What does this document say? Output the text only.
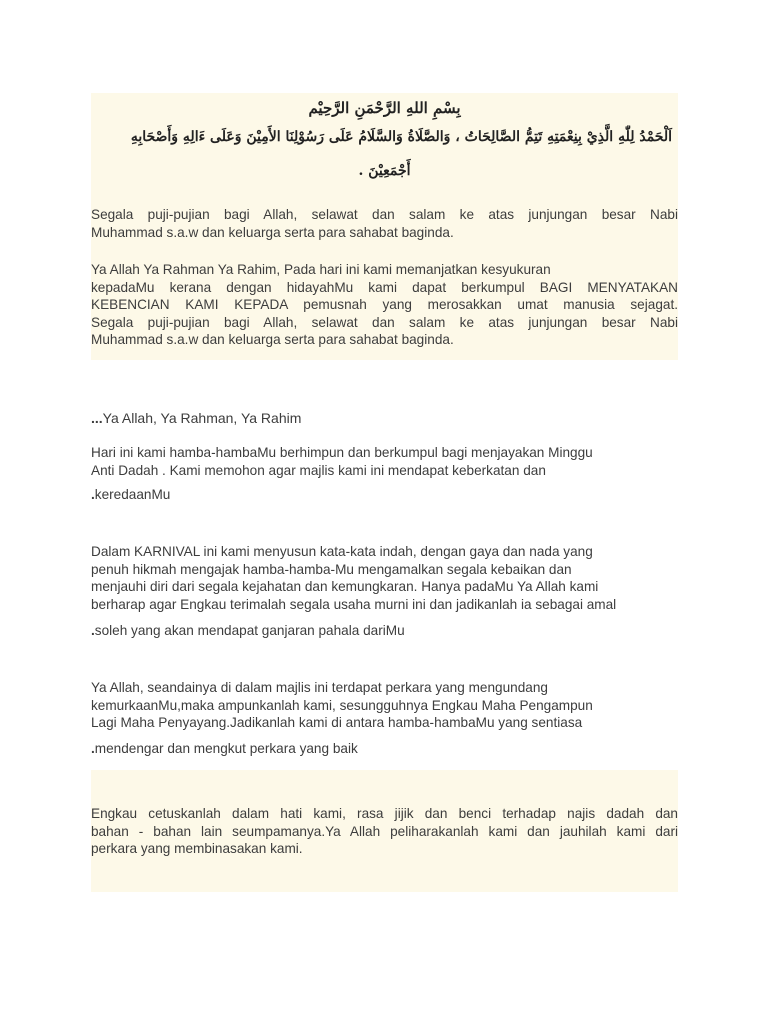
بِسْمِ اللهِ الرَّحْمَنِ الرَّحِيْم

اَلْحَمْدُ لِلّٰهِ الَّذِيْ بِنِعْمَتِهِ تَتِمُّ الصَّالِحَاتُ ، وَالصَّلَاةُ وَالسَّلَامُ عَلَى رَسُوْلِنَا الأَمِيْنَ وَعَلَى ءَالِهِ وَأَصْحَابِهِ

أَجْمَعِيْنَ .

Segala puji-pujian bagi Allah, selawat dan salam ke atas junjungan besar Nabi
Muhammad s.a.w dan keluarga serta para sahabat baginda.
Ya Allah Ya Rahman Ya Rahim, Pada hari ini kami memanjatkan kesyukuran
kepadaMu kerana dengan hidayahMu kami dapat berkumpul BAGI MENYATAKAN
KEBENCIAN KAMI KEPADA pemusnah yang merosakkan umat manusia sejagat.
Segala puji-pujian bagi Allah, selawat dan salam ke atas junjungan besar Nabi
Muhammad s.a.w dan keluarga serta para sahabat baginda.
...Ya Allah, Ya Rahman, Ya Rahim
Hari ini kami hamba-hambaMu berhimpun dan berkumpul bagi menjayakan Minggu
Anti Dadah . Kami memohon agar majlis kami ini mendapat keberkatan dan
.keredaanMu
Dalam KARNIVAL ini kami menyusun kata-kata indah, dengan gaya dan nada yang
penuh hikmah mengajak hamba-hamba-Mu mengamalkan segala kebaikan dan
menjauhi diri dari segala kejahatan dan kemungkaran. Hanya padaMu Ya Allah kami
berharap agar Engkau terimalah segala usaha murni ini dan jadikanlah ia sebagai amal
.soleh yang akan mendapat ganjaran pahala dariMu
Ya Allah, seandainya di dalam majlis ini terdapat perkara yang mengundang
kemurkaanMu,maka ampunkanlah kami, sesungguhnya Engkau Maha Pengampun
Lagi Maha Penyayang.Jadikanlah kami di antara hamba-hambaMu yang sentiasa
.mendengar dan mengkut perkara yang baik
Engkau cetuskanlah dalam hati kami, rasa jijik dan benci terhadap najis dadah dan
bahan - bahan lain seumpamanya.Ya Allah peliharakanlah kami dan jauhilah kami dari
perkara yang membinasakan kami.
